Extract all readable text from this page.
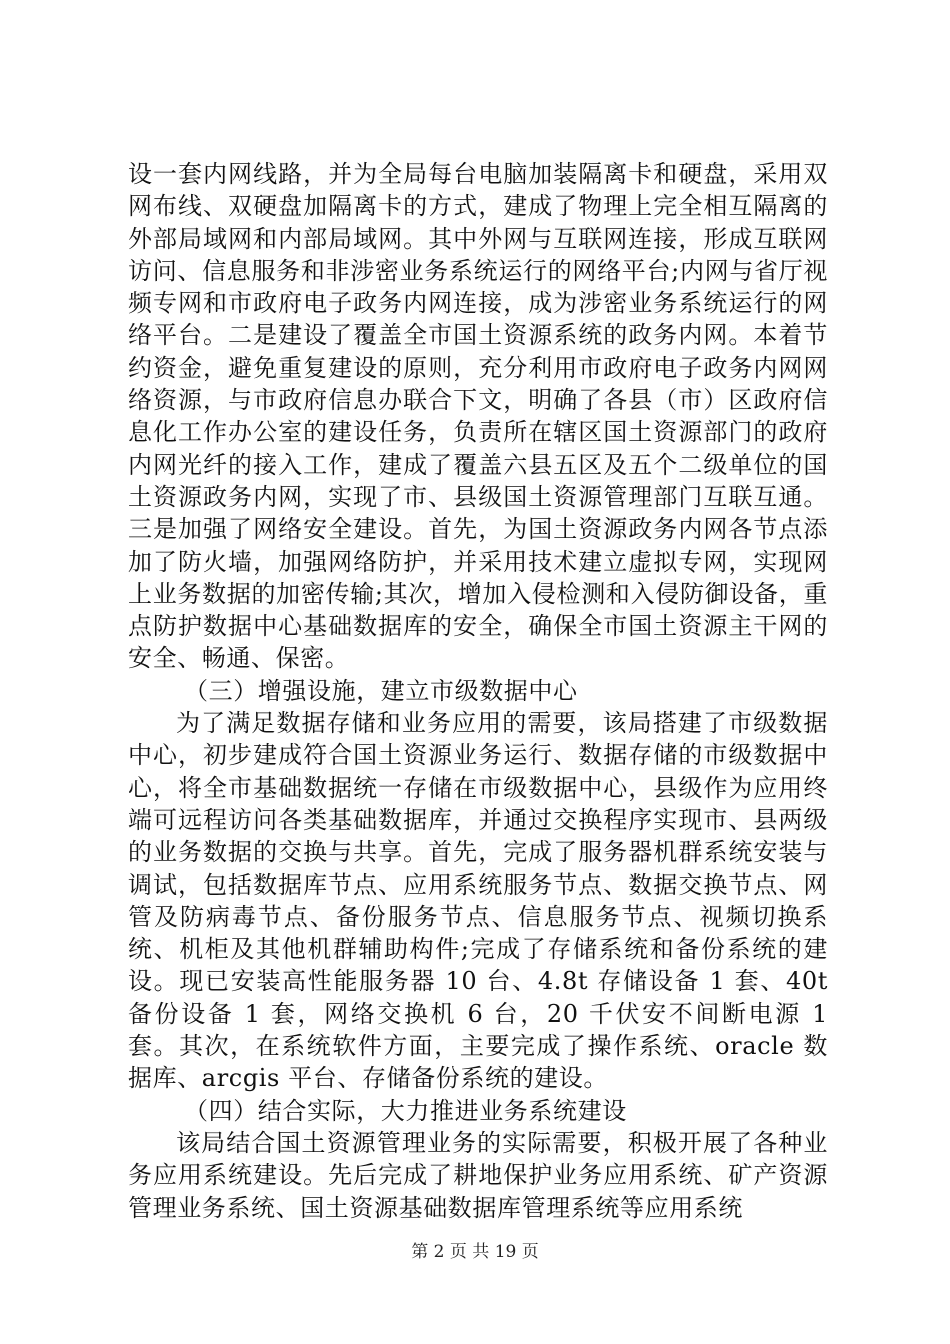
设一套内网线路，并为全局每台电脑加装隔离卡和硬盘，采用双网布线、双硬盘加隔离卡的方式，建成了物理上完全相互隔离的外部局域网和内部局域网。其中外网与互联网连接，形成互联网访问、信息服务和非涉密业务系统运行的网络平台;内网与省厅视频专网和市政府电子政务内网连接，成为涉密业务系统运行的网络平台。二是建设了覆盖全市国土资源系统的政务内网。本着节约资金，避免重复建设的原则，充分利用市政府电子政务内网网络资源，与市政府信息办联合下文，明确了各县（市）区政府信息化工作办公室的建设任务，负责所在辖区国土资源部门的政府内网光纤的接入工作，建成了覆盖六县五区及五个二级单位的国土资源政务内网，实现了市、县级国土资源管理部门互联互通。三是加强了网络安全建设。首先，为国土资源政务内网各节点添加了防火墙，加强网络防护，并采用技术建立虚拟专网，实现网上业务数据的加密传输;其次，增加入侵检测和入侵防御设备，重点防护数据中心基础数据库的安全，确保全市国土资源主干网的安全、畅通、保密。

（三）增强设施，建立市级数据中心

为了满足数据存储和业务应用的需要，该局搭建了市级数据中心，初步建成符合国土资源业务运行、数据存储的市级数据中心，将全市基础数据统一存储在市级数据中心，县级作为应用终端可远程访问各类基础数据库，并通过交换程序实现市、县两级的业务数据的交换与共享。首先，完成了服务器机群系统安装与调试，包括数据库节点、应用系统服务节点、数据交换节点、网管及防病毒节点、备份服务节点、信息服务节点、视频切换系统、机柜及其他机群辅助构件;完成了存储系统和备份系统的建设。现已安装高性能服务器 10 台、4.8t 存储设备 1 套、40t 备份设备 1 套，网络交换机 6 台，20 千伏安不间断电源 1 套。其次，在系统软件方面，主要完成了操作系统、oracle 数据库、arcgis 平台、存储备份系统的建设。

（四）结合实际，大力推进业务系统建设

该局结合国土资源管理业务的实际需要，积极开展了各种业务应用系统建设。先后完成了耕地保护业务应用系统、矿产资源管理业务系统、国土资源基础数据库管理系统等应用系统

第 2 页 共 19 页
